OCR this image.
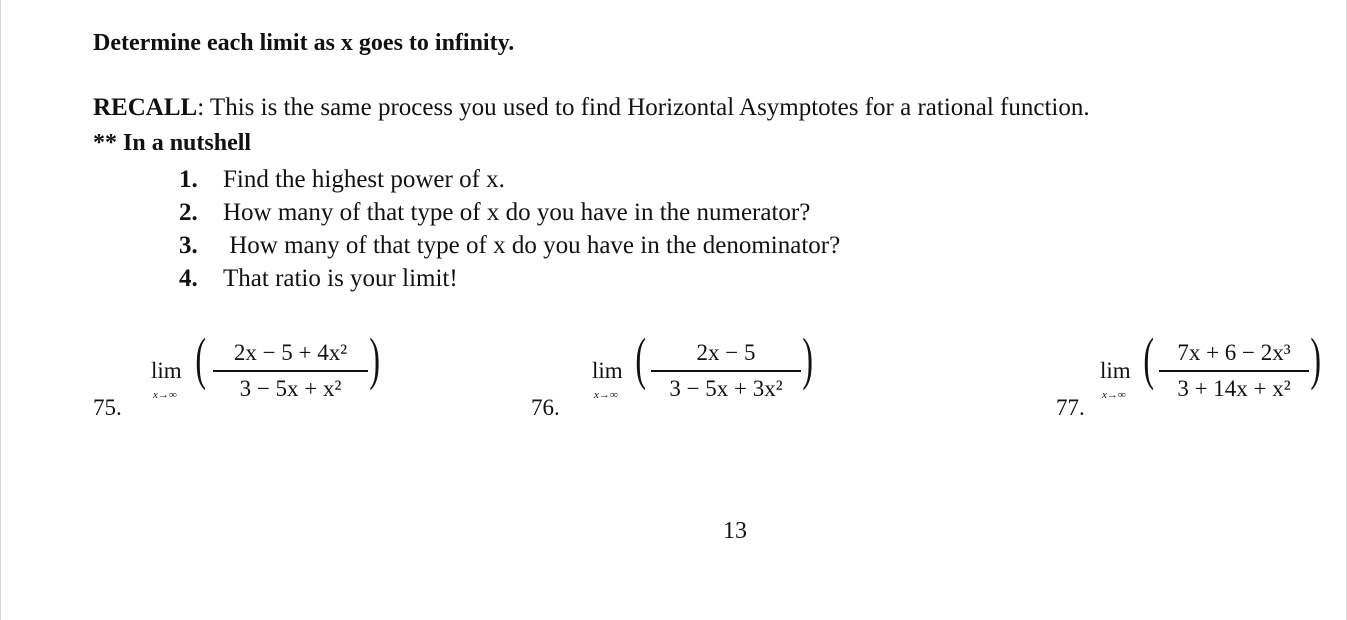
Determine each limit as x goes to infinity.
RECALL: This is the same process you used to find Horizontal Asymptotes for a rational function.
** In a nutshell
1. Find the highest power of x.
2. How many of that type of x do you have in the numerator?
3. How many of that type of x do you have in the denominator?
4. That ratio is your limit!
75.
lim
x→∞
(	2x − 5 + 4x²
3 − 5x + x² )
76.
lim
x→∞
(	2x − 5
3 − 5x + 3x² )
77.
lim
x→∞
(	7x + 6 − 2x³
3 + 14x + x² )
13
